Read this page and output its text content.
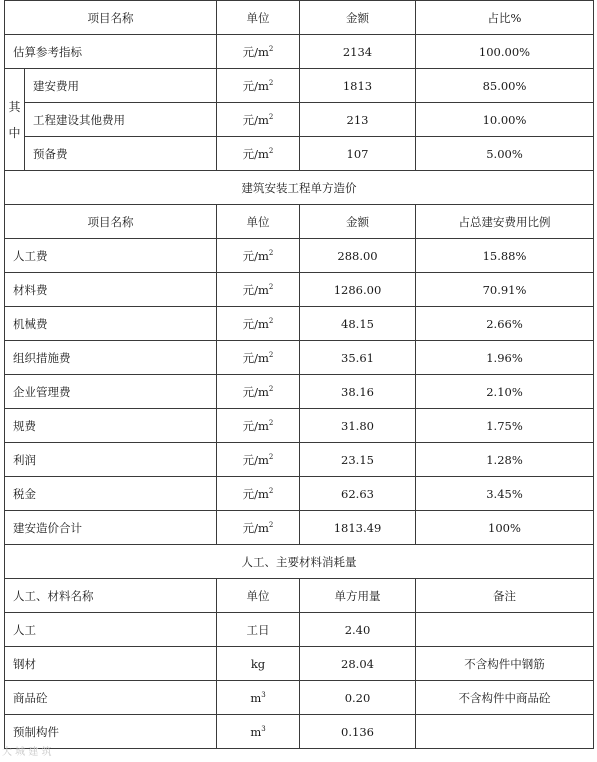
项目名称		单位	金额	占比%
估算参考指标		元$/m^2$	2134	100.00%

其
中	建安费用	元$/m^2$	1813	85.00%
	工程建设其他费用	元$/m^2$	213	10.00%
	预备费	元$/m^2$	107	5.00%
建筑安装工程单方造价				
项目名称		单位	金额	占总建安费用比例
人工费		元$/m^2$	288.00	15.88%
材料费		元$/m^2$	1286.00	70.91%
机械费		元$/m^2$	48.15	2.66%
组织措施费		元$/m^2$	35.61	1.96%
企业管理费		元$/m^2$	38.16	2.10%
规费		元$/m^2$	31.80	1.75%
利润		元$/m^2$	23.15	1.28%
税金		元$/m^2$	62.63	3.45%
建安造价合计		元$/m^2$	1813.49	100%
人工、主要材料消耗量				
人工、材料名称		单位	单方用量	备注
人工		工日	2.40	
钢材		kg	28.04	不含构件中钢筋
商品砼		$m^3$	0.20	不含构件中商品砼
预制构件		$m^3$	0.136	
大 城 建 筑
